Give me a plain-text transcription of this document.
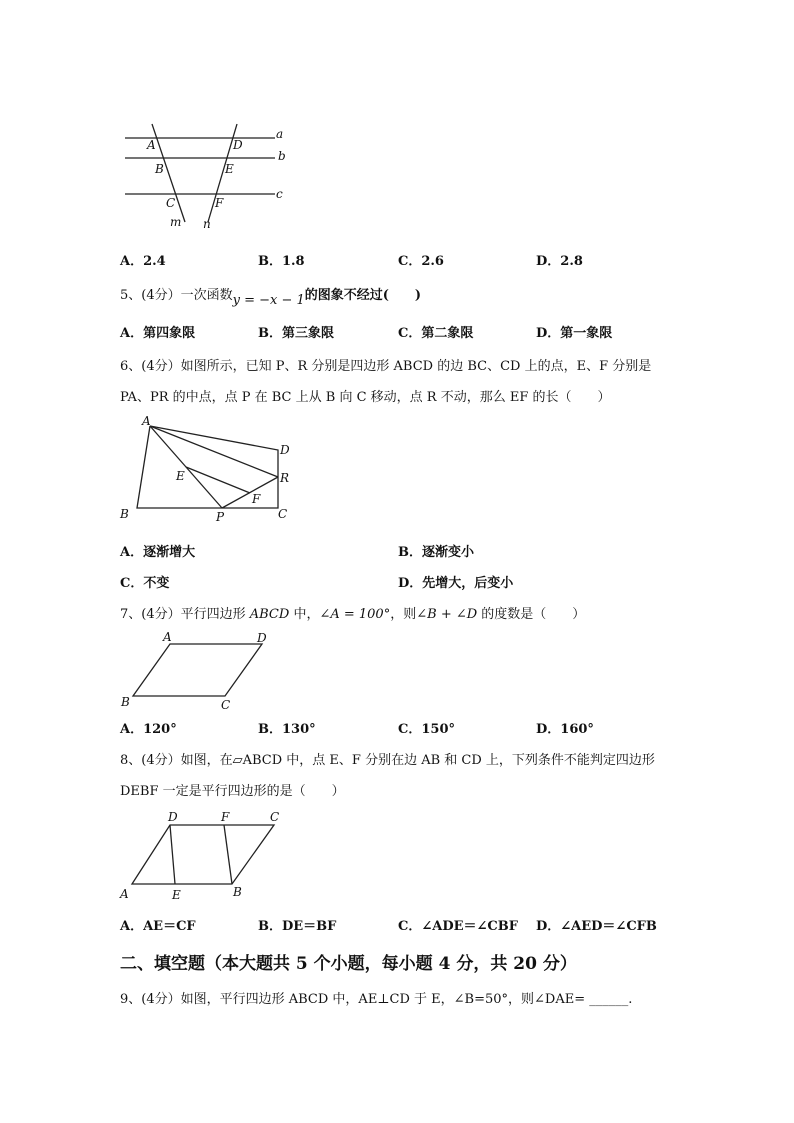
a
b
c
A
B
C
D
E
F
m n
A．2.4	B．1.8	C．2.6	D．2.8
5、(4分）一次函数y = −x − 1的图象不经过(　　)
A．第四象限	B．第三象限	C．第二象限	D．第一象限
6、(4分）如图所示，已知 P、R 分别是四边形 ABCD 的边 BC、CD 上的点，E、F 分别是
PA、PR 的中点，点 P 在 BC 上从 B 向 C 移动，点 R 不动，那么 EF 的长（　　）
A
B	C
D
E
F
P
R
A．逐渐增大	B．逐渐变小
C．不变	D．先增大，后变小
7、(4分）平行四边形 ABCD 中，∠A = 100°，则∠B + ∠D 的度数是（　　）
A	D
B	C
A．120°	B．130°	C．150°	D．160°
8、(4分）如图，在▱ABCD 中，点 E、F 分别在边 AB 和 CD 上，下列条件不能判定四边形
DEBF 一定是平行四边形的是（　　）
D	F	C
A	E	B
A．AE＝CF	B．DE＝BF	C．∠ADE＝∠CBF D．∠AED＝∠CFB
二、填空题（本大题共 5 个小题，每小题 4 分，共 20 分）
9、(4分）如图，平行四边形 ABCD 中，AE⊥CD 于 E，∠B=50°，则∠DAE= ______.
